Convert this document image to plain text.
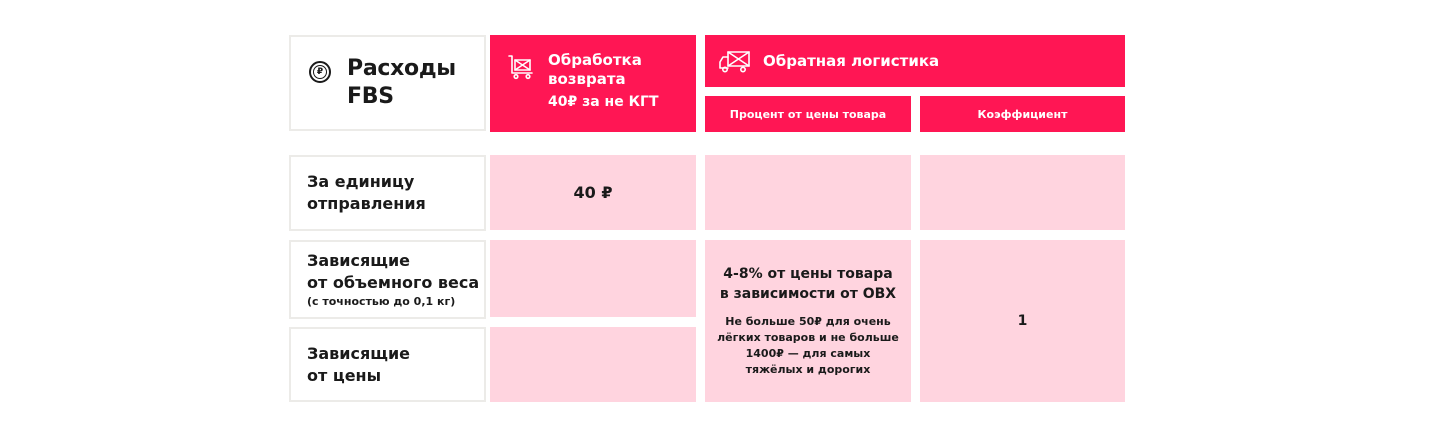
₽ Расходы
FBS
Обработка
возврата
40₽ за не КГТ
Обратная логистика
Процент от цены товара	Коэффициент
За единицу
отправления
40 ₽
Зависящие
от объемного веса
(с точностью до 0,1 кг)
Зависящие
от цены
4-8% от цены товара
в зависимости от ОВХ
Не больше 50₽ для очень
лёгких товаров и не больше
1400₽ — для самых
тяжёлых и дорогих
1
